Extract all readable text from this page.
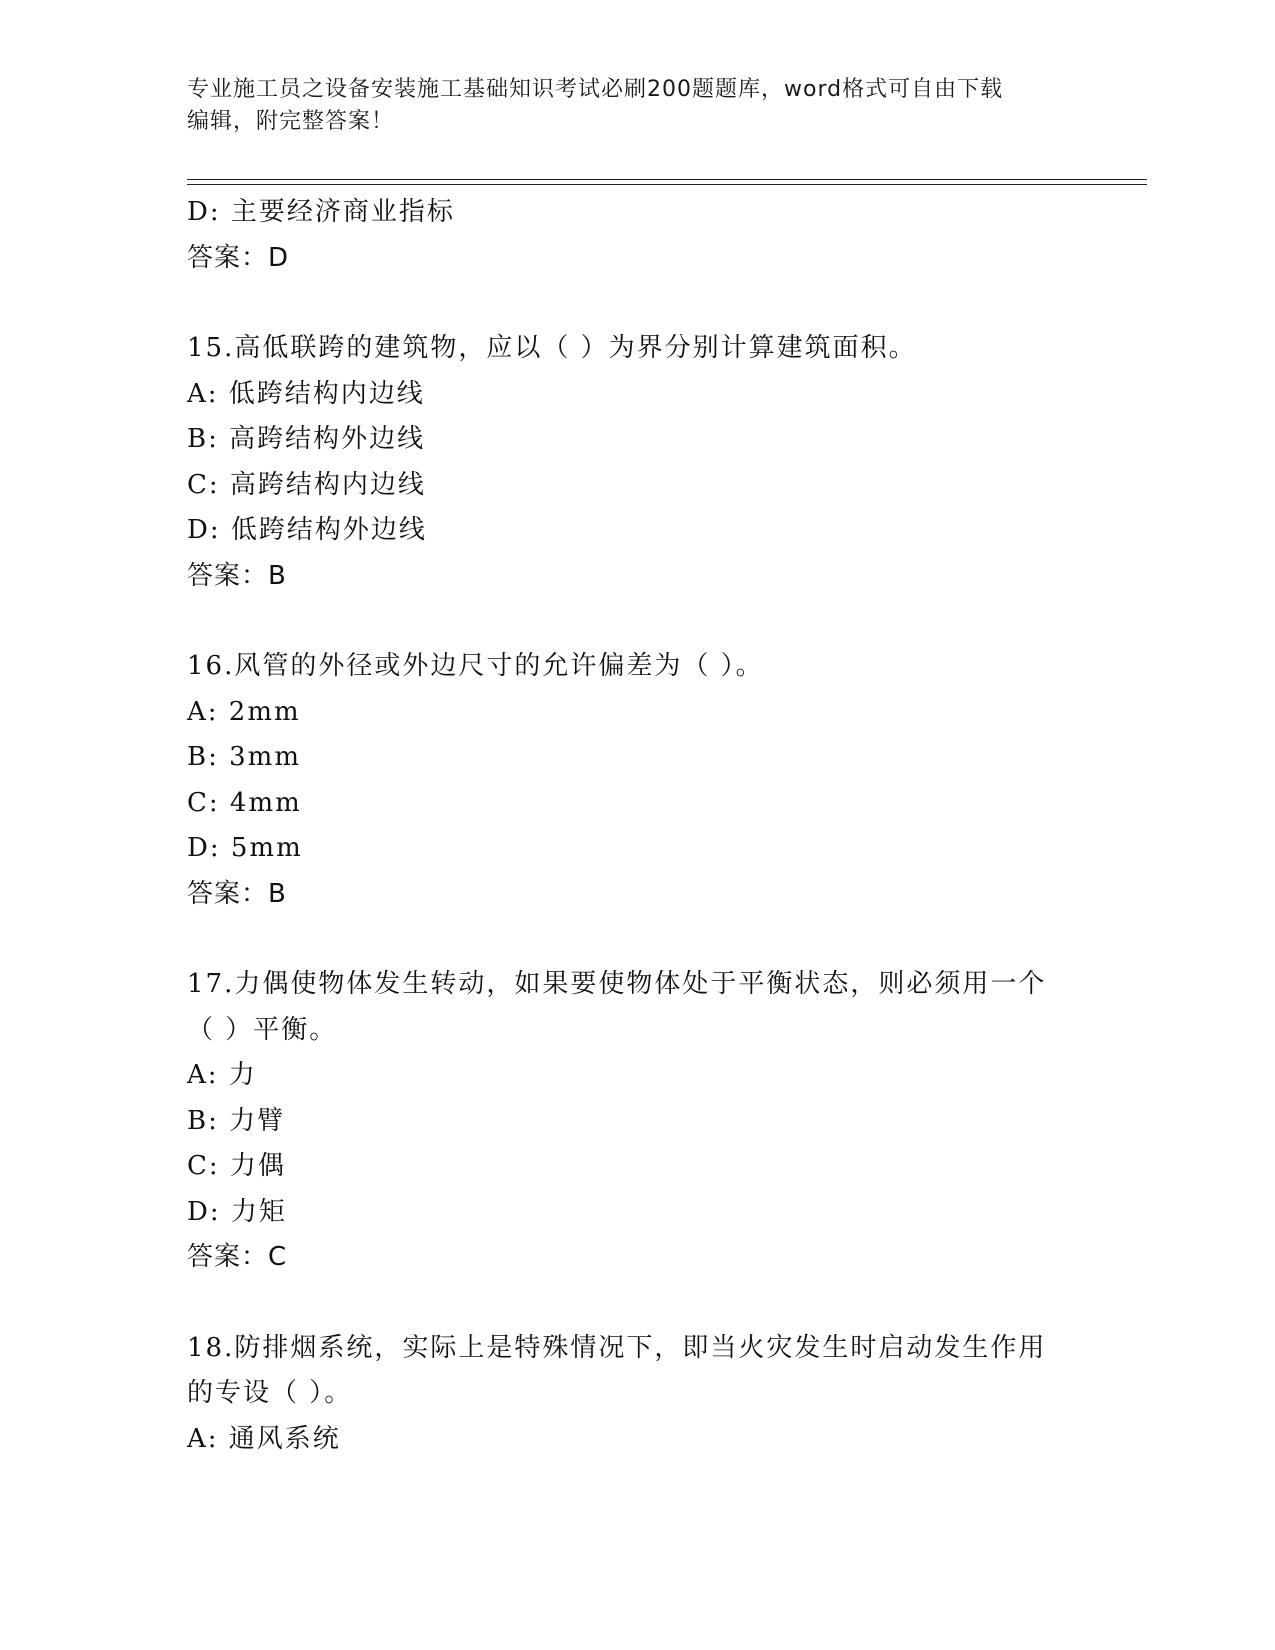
专业施工员之设备安装施工基础知识考试必刷200题题库，word格式可自由下载
编辑，附完整答案！
D: 主要经济商业指标
答案：D
15.高低联跨的建筑物，应以（ ）为界分别计算建筑面积。
A: 低跨结构内边线
B: 高跨结构外边线
C: 高跨结构内边线
D: 低跨结构外边线
答案：B
16.风管的外径或外边尺寸的允许偏差为（ ）。
A: 2mm
B: 3mm
C: 4mm
D: 5mm
答案：B
17.力偶使物体发生转动，如果要使物体处于平衡状态，则必须用一个
（ ）平衡。
A: 力
B: 力臂
C: 力偶
D: 力矩
答案：C
18.防排烟系统，实际上是特殊情况下，即当火灾发生时启动发生作用
的专设（ ）。
A: 通风系统
